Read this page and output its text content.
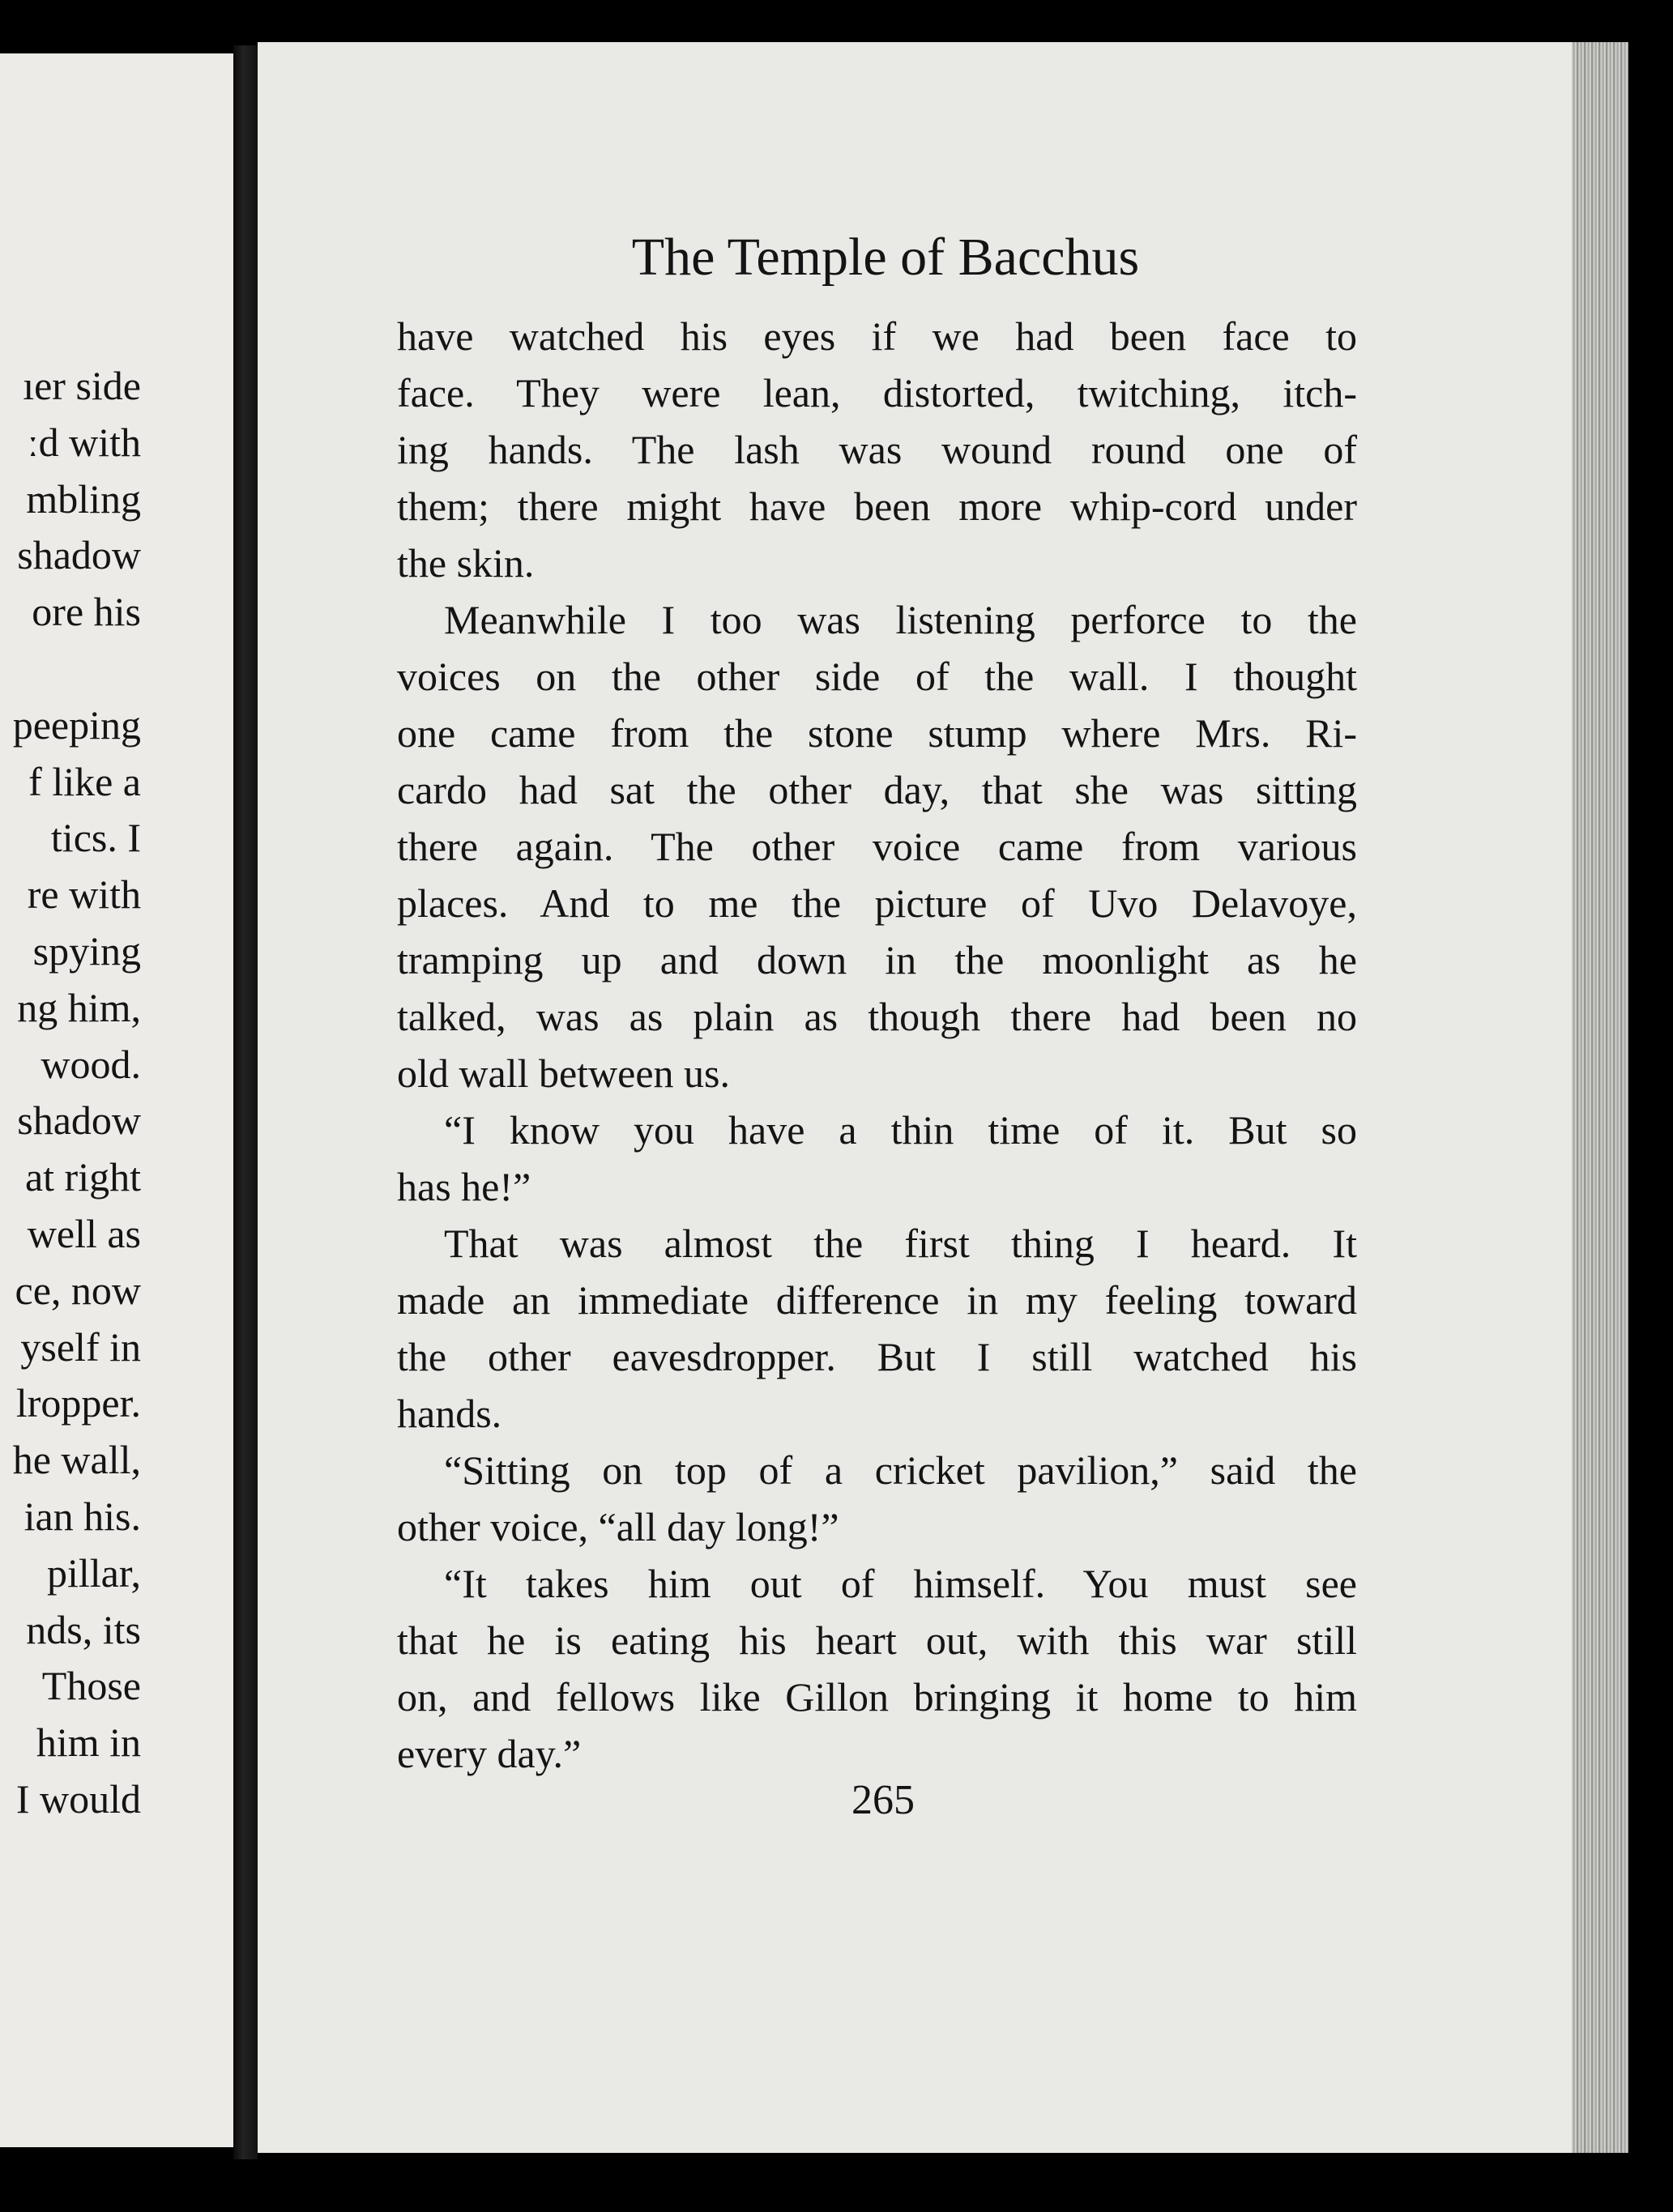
ıer side
ːd with
mbling
shadow
ore his

peeping
f like a
tics. I
re with
spying
ng him,
wood.
shadow
at right
well as
ce, now
yself in
lropper.
he wall,
ian his.
pillar,
nds, its
Those
him in
I would
The Temple of Bacchus
have watched his eyes if we had been face to
face. They were lean, distorted, twitching, itch-
ing hands. The lash was wound round one of
them; there might have been more whip-cord under
the skin.
Meanwhile I too was listening perforce to the
voices on the other side of the wall. I thought
one came from the stone stump where Mrs. Ri-
cardo had sat the other day, that she was sitting
there again. The other voice came from various
places. And to me the picture of Uvo Delavoye,
tramping up and down in the moonlight as he
talked, was as plain as though there had been no
old wall between us.
“I know you have a thin time of it. But so
has he!”
That was almost the first thing I heard. It
made an immediate difference in my feeling toward
the other eavesdropper. But I still watched his
hands.
“Sitting on top of a cricket pavilion,” said the
other voice, “all day long!”
“It takes him out of himself. You must see
that he is eating his heart out, with this war still
on, and fellows like Gillon bringing it home to him
every day.”
265
